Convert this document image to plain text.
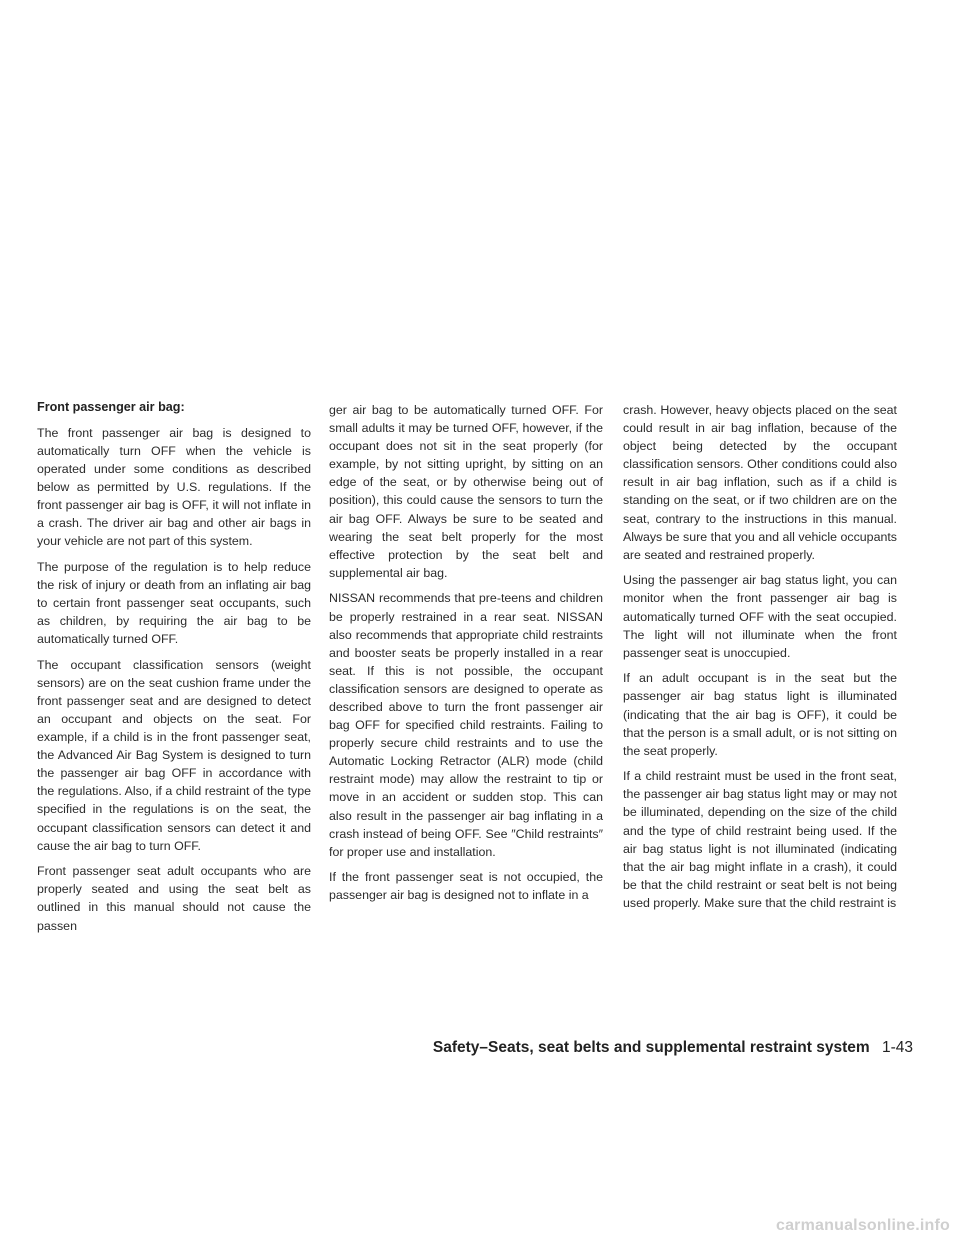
Front passenger air bag:

The front passenger air bag is designed to automatically turn OFF when the vehicle is operated under some conditions as described below as permitted by U.S. regulations. If the front passenger air bag is OFF, it will not inflate in a crash. The driver air bag and other air bags in your vehicle are not part of this system.

The purpose of the regulation is to help reduce the risk of injury or death from an inflating air bag to certain front passenger seat occupants, such as children, by requiring the air bag to be automatically turned OFF.

The occupant classification sensors (weight sensors) are on the seat cushion frame under the front passenger seat and are designed to detect an occupant and objects on the seat. For example, if a child is in the front passenger seat, the Advanced Air Bag System is designed to turn the passenger air bag OFF in accordance with the regulations. Also, if a child restraint of the type specified in the regulations is on the seat, the occupant classification sensors can detect it and cause the air bag to turn OFF.

Front passenger seat adult occupants who are properly seated and using the seat belt as outlined in this manual should not cause the passen

ger air bag to be automatically turned OFF. For small adults it may be turned OFF, however, if the occupant does not sit in the seat properly (for example, by not sitting upright, by sitting on an edge of the seat, or by otherwise being out of position), this could cause the sensors to turn the air bag OFF. Always be sure to be seated and wearing the seat belt properly for the most effective protection by the seat belt and supplemental air bag.

NISSAN recommends that pre-teens and children be properly restrained in a rear seat. NISSAN also recommends that appropriate child restraints and booster seats be properly installed in a rear seat. If this is not possible, the occupant classification sensors are designed to operate as described above to turn the front passenger air bag OFF for specified child restraints. Failing to properly secure child restraints and to use the Automatic Locking Retractor (ALR) mode (child restraint mode) may allow the restraint to tip or move in an accident or sudden stop. This can also result in the passenger air bag inflating in a crash instead of being OFF. See ″Child restraints″ for proper use and installation.

If the front passenger seat is not occupied, the passenger air bag is designed not to inflate in a

crash. However, heavy objects placed on the seat could result in air bag inflation, because of the object being detected by the occupant classification sensors. Other conditions could also result in air bag inflation, such as if a child is standing on the seat, or if two children are on the seat, contrary to the instructions in this manual. Always be sure that you and all vehicle occupants are seated and restrained properly.

Using the passenger air bag status light, you can monitor when the front passenger air bag is automatically turned OFF with the seat occupied. The light will not illuminate when the front passenger seat is unoccupied.

If an adult occupant is in the seat but the passenger air bag status light is illuminated (indicating that the air bag is OFF), it could be that the person is a small adult, or is not sitting on the seat properly.

If a child restraint must be used in the front seat, the passenger air bag status light may or may not be illuminated, depending on the size of the child and the type of child restraint being used. If the air bag status light is not illuminated (indicating that the air bag might inflate in a crash), it could be that the child restraint or seat belt is not being used properly. Make sure that the child restraint is

Safety–Seats, seat belts and supplemental restraint system 1-43
carmanualsonline.info
